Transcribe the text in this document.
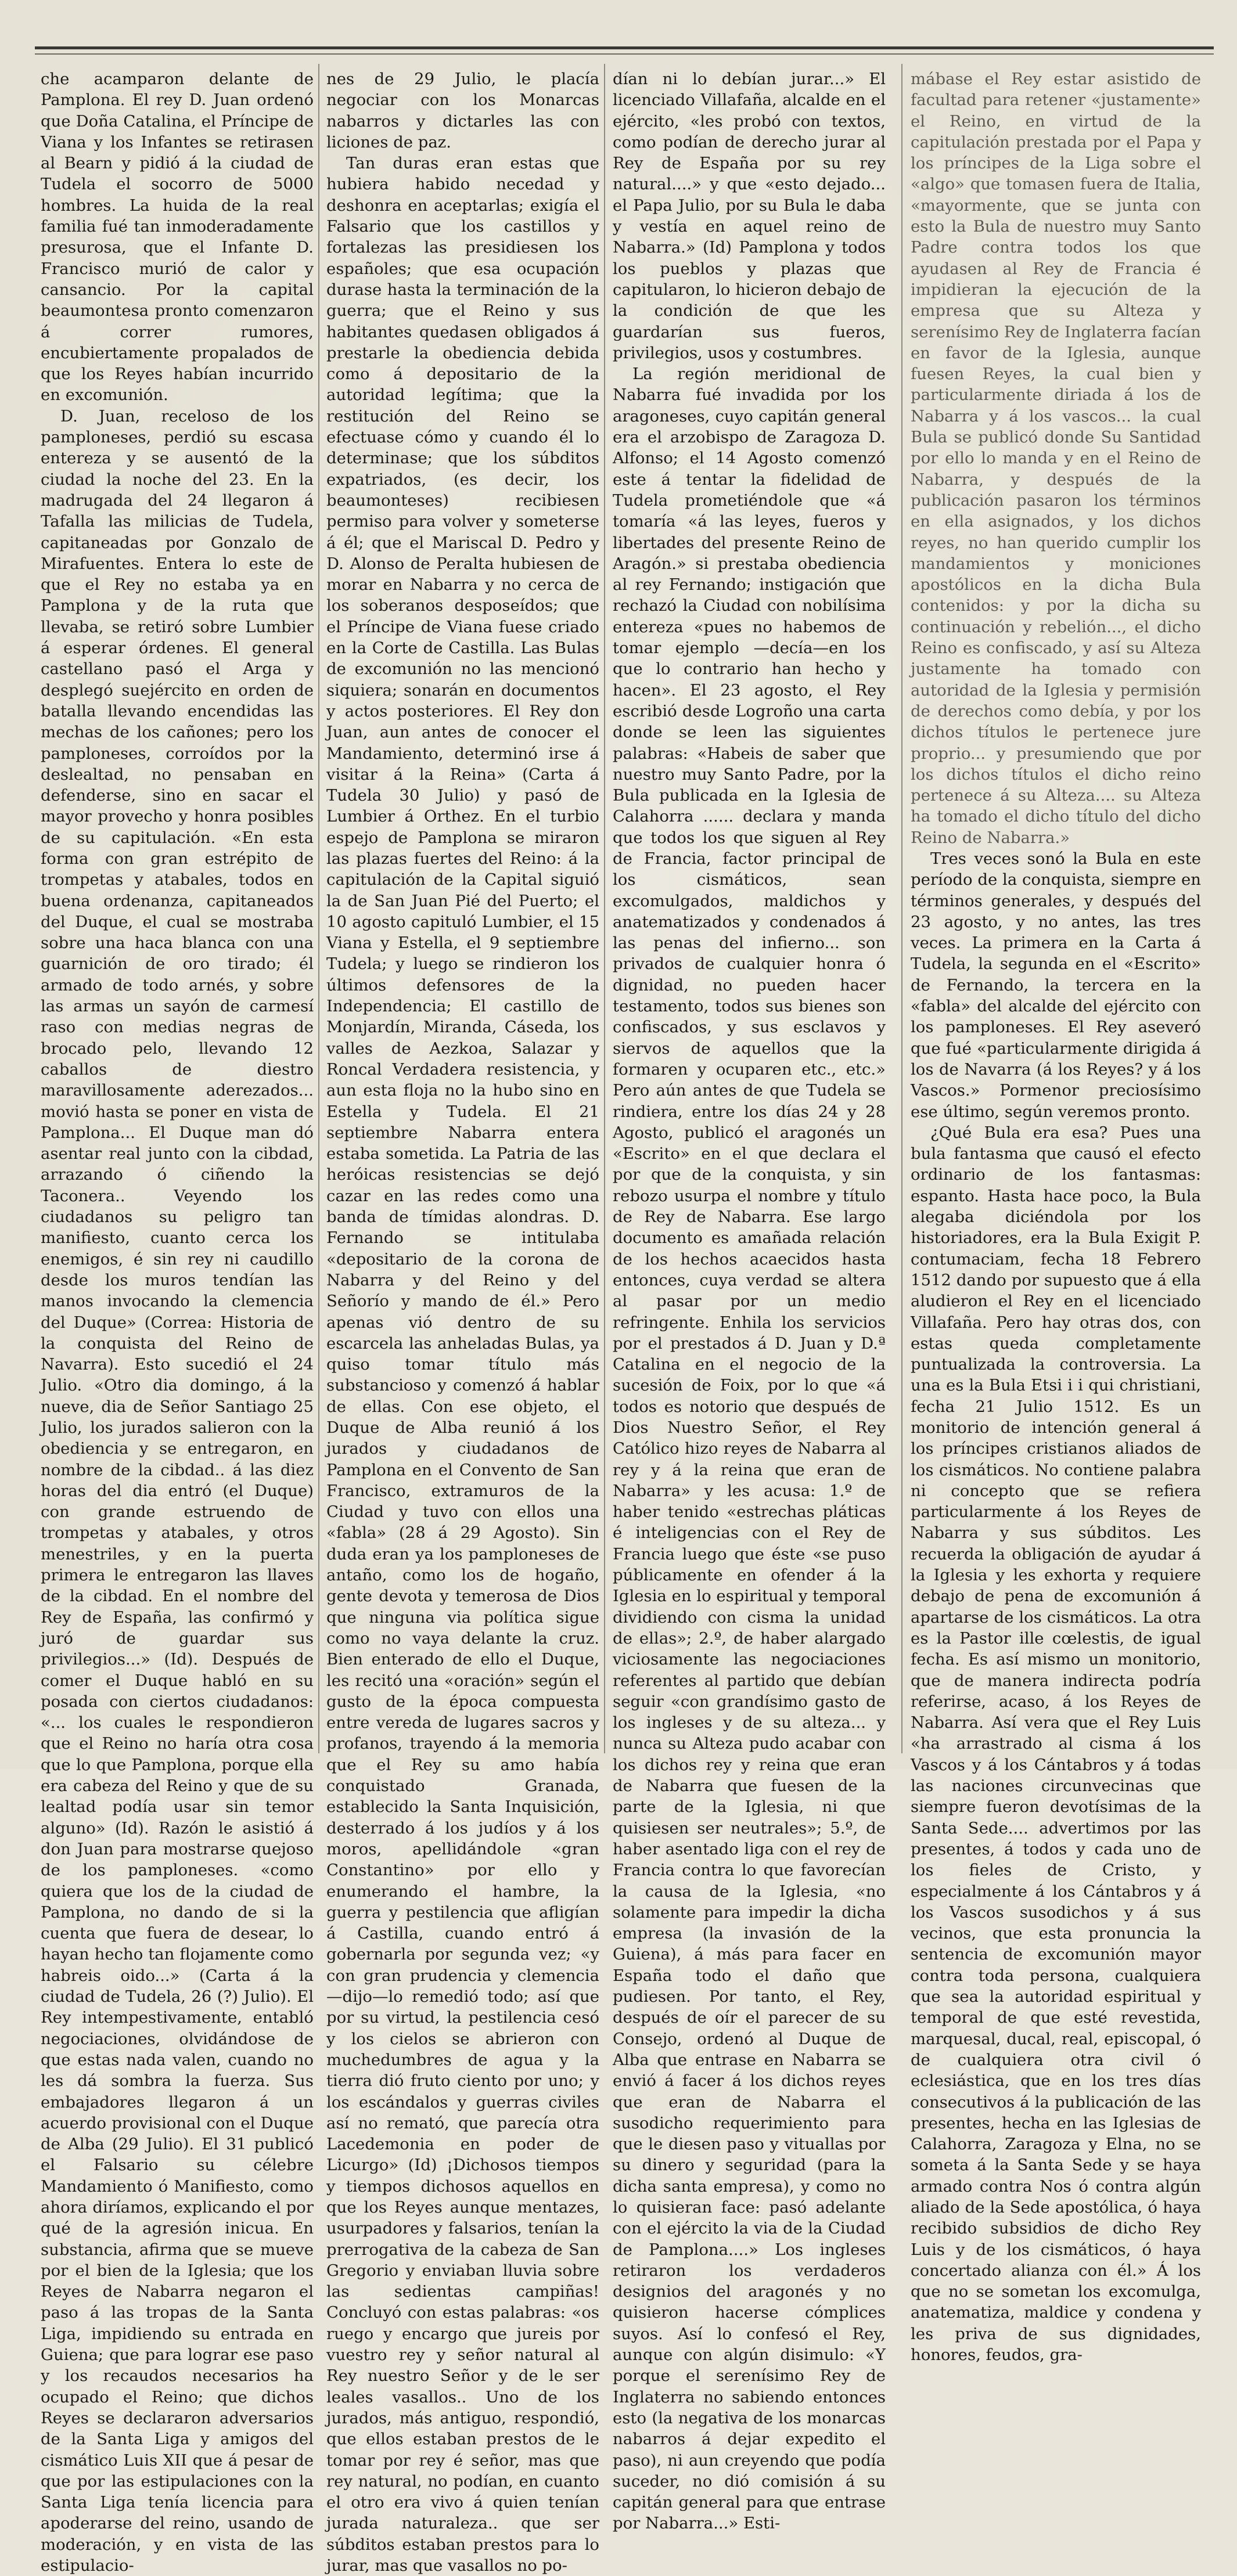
che acamparon delante de Pamplona. El rey D. Juan ordenó que Doña Catalina, el Príncipe de Viana y los Infantes se retirasen al Bearn y pidió á la ciudad de Tudela el socorro de 5000 hombres. La huida de la real familia fué tan inmoderadamente presurosa, que el Infante D. Francisco murió de calor y cansancio. Por la capital beaumontesa pronto comenzaron á correr rumores, encubiertamente propalados de que los Reyes habían incurrido en excomunión.

D. Juan, receloso de los pamploneses, perdió su escasa entereza y se ausentó de la ciudad la noche del 23. En la madrugada del 24 llegaron á Tafalla las milicias de Tudela, capitaneadas por Gonzalo de Mirafuentes. Entera lo este de que el Rey no estaba ya en Pamplona y de la ruta que llevaba, se retiró sobre Lumbier á esperar órdenes. El general castellano pasó el Arga y desplegó suejército en orden de batalla llevando encendidas las mechas de los cañones; pero los pamploneses, corroídos por la deslealtad, no pensaban en defenderse, sino en sacar el mayor provecho y honra posibles de su capitulación. «En esta forma con gran estrépito de trompetas y atabales, todos en buena ordenanza, capitaneados del Duque, el cual se mostraba sobre una haca blanca con una guarnición de oro tirado; él armado de todo arnés, y sobre las armas un sayón de carmesí raso con medias negras de brocado pelo, llevando 12 caballos de diestro maravillosamente aderezados... movió hasta se poner en vista de Pamplona... El Duque man dó asentar real junto con la cibdad, arrazando ó ciñendo la Taconera.. Veyendo los ciudadanos su peligro tan manifiesto, cuanto cerca los enemigos, é sin rey ni caudillo desde los muros tendían las manos invocando la clemencia del Duque» (Correa: Historia de la conquista del Reino de Navarra). Esto sucedió el 24 Julio. «Otro dia domingo, á la nueve, dia de Señor Santiago 25 Julio, los jurados salieron con la obediencia y se entregaron, en nombre de la cibdad.. á las diez horas del dia entró (el Duque) con grande estruendo de trompetas y atabales, y otros menestriles, y en la puerta primera le entregaron las llaves de la cibdad. En el nombre del Rey de España, las confirmó y juró de guardar sus privilegios...» (Id). Después de comer el Duque habló en su posada con ciertos ciudadanos: «... los cuales le respondieron que el Reino no haría otra cosa que lo que Pamplona, porque ella era cabeza del Reino y que de su lealtad podía usar sin temor alguno» (Id). Razón le asistió á don Juan para mostrarse quejoso de los pamploneses. «como quiera que los de la ciudad de Pamplona, no dando de si la cuenta que fuera de desear, lo hayan hecho tan flojamente como habreis oido...» (Carta á la ciudad de Tudela, 26 (?) Julio). El Rey intempestivamente, entabló negociaciones, olvidándose de que estas nada valen, cuando no les dá sombra la fuerza. Sus embajadores llegaron á un acuerdo provisional con el Duque de Alba (29 Julio). El 31 publicó el Falsario su célebre Mandamiento ó Manifiesto, como ahora diríamos, explicando el por qué de la agresión inicua. En substancia, afirma que se mueve por el bien de la Iglesia; que los Reyes de Nabarra negaron el paso á las tropas de la Santa Liga, impidiendo su entrada en Guiena; que para lograr ese paso y los recaudos necesarios ha ocupado el Reino; que dichos Reyes se declararon adversarios de la Santa Liga y amigos del cismático Luis XII que á pesar de que por las estipulaciones con la Santa Liga tenía licencia para apoderarse del reino, usando de moderación, y en vista de las estipulacio-

nes de 29 Julio, le placía negociar con los Monarcas nabarros y dictarles las con liciones de paz.

Tan duras eran estas que hubiera habido necedad y deshonra en aceptarlas; exigía el Falsario que los castillos y fortalezas las presidiesen los españoles; que esa ocupación durase hasta la terminación de la guerra; que el Reino y sus habitantes quedasen obligados á prestarle la obediencia debida como á depositario de la autoridad legítima; que la restitución del Reino se efectuase cómo y cuando él lo determinase; que los súbditos expatriados, (es decir, los beaumonteses) recibiesen permiso para volver y someterse á él; que el Mariscal D. Pedro y D. Alonso de Peralta hubiesen de morar en Nabarra y no cerca de los soberanos desposeídos; que el Príncipe de Viana fuese criado en la Corte de Castilla. Las Bulas de excomunión no las mencionó siquiera; sonarán en documentos y actos posteriores. El Rey don Juan, aun antes de conocer el Mandamiento, determinó irse á visitar á la Reina» (Carta á Tudela 30 Julio) y pasó de Lumbier á Orthez. En el turbio espejo de Pamplona se miraron las plazas fuertes del Reino: á la capitulación de la Capital siguió la de San Juan Pié del Puerto; el 10 agosto capituló Lumbier, el 15 Viana y Estella, el 9 septiembre Tudela; y luego se rindieron los últimos defensores de la Independencia; El castillo de Monjardín, Miranda, Cáseda, los valles de Aezkoa, Salazar y Roncal Verdadera resistencia, y aun esta floja no la hubo sino en Estella y Tudela. El 21 septiembre Nabarra entera estaba sometida. La Patria de las heróicas resistencias se dejó cazar en las redes como una banda de tímidas alondras. D. Fernando se intitulaba «depositario de la corona de Nabarra y del Reino y del Señorío y mando de él.» Pero apenas vió dentro de su escarcela las anheladas Bulas, ya quiso tomar título más substancioso y comenzó á hablar de ellas. Con ese objeto, el Duque de Alba reunió á los jurados y ciudadanos de Pamplona en el Convento de San Francisco, extramuros de la Ciudad y tuvo con ellos una «fabla» (28 á 29 Agosto). Sin duda eran ya los pamploneses de antaño, como los de hogaño, gente devota y temerosa de Dios que ninguna via política sigue como no vaya delante la cruz. Bien enterado de ello el Duque, les recitó una «oración» según el gusto de la época compuesta entre vereda de lugares sacros y profanos, trayendo á la memoria que el Rey su amo había conquistado Granada, establecido la Santa Inquisición, desterrado á los judíos y á los moros, apellidándole «gran Constantino» por ello y enumerando el hambre, la guerra y pestilencia que afligían á Castilla, cuando entró á gobernarla por segunda vez; «y con gran prudencia y clemencia—dijo—lo remedió todo; así que por su virtud, la pestilencia cesó y los cielos se abrieron con muchedumbres de agua y la tierra dió fruto ciento por uno; y los escándalos y guerras civiles así no remató, que parecía otra Lacedemonia en poder de Licurgo» (Id) ¡Dichosos tiempos y tiempos dichosos aquellos en que los Reyes aunque mentazes, usurpadores y falsarios, tenían la prerrogativa de la cabeza de San Gregorio y enviaban lluvia sobre las sedientas campiñas! Concluyó con estas palabras: «os ruego y encargo que jureis por vuestro rey y señor natural al Rey nuestro Señor y de le ser leales vasallos.. Uno de los jurados, más antiguo, respondió, que ellos estaban prestos de le tomar por rey é señor, mas que rey natural, no podían, en cuanto el otro era vivo á quien tenían jurada naturaleza.. que ser súbditos estaban prestos para lo jurar, mas que vasallos no po-

dían ni lo debían jurar...» El licenciado Villafaña, alcalde en el ejército, «les probó con textos, como podían de derecho jurar al Rey de España por su rey natural....» y que «esto dejado... el Papa Julio, por su Bula le daba y vestía en aquel reino de Nabarra.» (Id) Pamplona y todos los pueblos y plazas que capitularon, lo hicieron debajo de la condición de que les guardarían sus fueros, privilegios, usos y costumbres.

La región meridional de Nabarra fué invadida por los aragoneses, cuyo capitán general era el arzobispo de Zaragoza D. Alfonso; el 14 Agosto comenzó este á tentar la fidelidad de Tudela prometiéndole que «á tomaría «á las leyes, fueros y libertades del presente Reino de Aragón.» si prestaba obediencia al rey Fernando; instigación que rechazó la Ciudad con nobilísima entereza «pues no habemos de tomar ejemplo —decía—en los que lo contrario han hecho y hacen». El 23 agosto, el Rey escribió desde Logroño una carta donde se leen las siguientes palabras: «Habeis de saber que nuestro muy Santo Padre, por la Bula publicada en la Iglesia de Calahorra ...... declara y manda que todos los que siguen al Rey de Francia, factor principal de los cismáticos, sean excomulgados, maldichos y anatematizados y condenados á las penas del infierno... son privados de cualquier honra ó dignidad, no pueden hacer testamento, todos sus bienes son confiscados, y sus esclavos y siervos de aquellos que la formaren y ocuparen etc., etc.» Pero aún antes de que Tudela se rindiera, entre los días 24 y 28 Agosto, publicó el aragonés un «Escrito» en el que declara el por que de la conquista, y sin rebozo usurpa el nombre y título de Rey de Nabarra. Ese largo documento es amañada relación de los hechos acaecidos hasta entonces, cuya verdad se altera al pasar por un medio refringente. Enhila los servicios por el prestados á D. Juan y D.ª Catalina en el negocio de la sucesión de Foix, por lo que «á todos es notorio que después de Dios Nuestro Señor, el Rey Católico hizo reyes de Nabarra al rey y á la reina que eran de Nabarra» y les acusa: 1.º de haber tenido «estrechas pláticas é inteligencias con el Rey de Francia luego que éste «se puso públicamente en ofender á la Iglesia en lo espiritual y temporal dividiendo con cisma la unidad de ellas»; 2.º, de haber alargado viciosamente las negociaciones referentes al partido que debían seguir «con grandísimo gasto de los ingleses y de su alteza... y nunca su Alteza pudo acabar con los dichos rey y reina que eran de Nabarra que fuesen de la parte de la Iglesia, ni que quisiesen ser neutrales»; 5.º, de haber asentado liga con el rey de Francia contra lo que favorecían la causa de la Iglesia, «no solamente para impedir la dicha empresa (la invasión de la Guiena), á más para facer en España todo el daño que pudiesen. Por tanto, el Rey, después de oír el parecer de su Consejo, ordenó al Duque de Alba que entrase en Nabarra se envió á facer á los dichos reyes que eran de Nabarra el susodicho requerimiento para que le diesen paso y vituallas por su dinero y seguridad (para la dicha santa empresa), y como no lo quisieran face: pasó adelante con el ejército la via de la Ciudad de Pamplona....» Los ingleses retiraron los verdaderos designios del aragonés y no quisieron hacerse cómplices suyos. Así lo confesó el Rey, aunque con algún disimulo: «Y porque el serenísimo Rey de Inglaterra no sabiendo entonces esto (la negativa de los monarcas nabarros á dejar expedito el paso), ni aun creyendo que podía suceder, no dió comisión á su capitán general para que entrase por Nabarra...» Esti-

mábase el Rey estar asistido de facultad para retener «justamente» el Reino, en virtud de la capitulación prestada por el Papa y los príncipes de la Liga sobre el «algo» que tomasen fuera de Italia, «mayormente, que se junta con esto la Bula de nuestro muy Santo Padre contra todos los que ayudasen al Rey de Francia é impidieran la ejecución de la empresa que su Alteza y serenísimo Rey de Inglaterra facían en favor de la Iglesia, aunque fuesen Reyes, la cual bien y particularmente diriada á los de Nabarra y á los vascos... la cual Bula se publicó donde Su Santidad por ello lo manda y en el Reino de Nabarra, y después de la publicación pasaron los términos en ella asignados, y los dichos reyes, no han querido cumplir los mandamientos y moniciones apostólicos en la dicha Bula contenidos: y por la dicha su continuación y rebelión..., el dicho Reino es confiscado, y así su Alteza justamente ha tomado con autoridad de la Iglesia y permisión de derechos como debía, y por los dichos títulos le pertenece jure proprio... y presumiendo que por los dichos títulos el dicho reino pertenece á su Alteza.... su Alteza ha tomado el dicho título del dicho Reino de Nabarra.»

Tres veces sonó la Bula en este período de la conquista, siempre en términos generales, y después del 23 agosto, y no antes, las tres veces. La primera en la Carta á Tudela, la segunda en el «Escrito» de Fernando, la tercera en la «fabla» del alcalde del ejército con los pamploneses. El Rey aseveró que fué «particularmente dirigida á los de Navarra (á los Reyes? y á los Vascos.» Pormenor preciosísimo ese último, según veremos pronto.

¿Qué Bula era esa? Pues una bula fantasma que causó el efecto ordinario de los fantasmas: espanto. Hasta hace poco, la Bula alegaba diciéndola por los historiadores, era la Bula Exigit P. contumaciam, fecha 18 Febrero 1512 dando por supuesto que á ella aludieron el Rey en el licenciado Villafaña. Pero hay otras dos, con estas queda completamente puntualizada la controversia. La una es la Bula Etsi i i qui christiani, fecha 21 Julio 1512. Es un monitorio de intención general á los príncipes cristianos aliados de los cismáticos. No contiene palabra ni concepto que se refiera particularmente á los Reyes de Nabarra y sus súbditos. Les recuerda la obligación de ayudar á la Iglesia y les exhorta y requiere debajo de pena de excomunión á apartarse de los cismáticos. La otra es la Pastor ille cœlestis, de igual fecha. Es así mismo un monitorio, que de manera indirecta podría referirse, acaso, á los Reyes de Nabarra. Así vera que el Rey Luis «ha arrastrado al cisma á los Vascos y á los Cántabros y á todas las naciones circunvecinas que siempre fueron devotísimas de la Santa Sede.... advertimos por las presentes, á todos y cada uno de los fieles de Cristo, y especialmente á los Cántabros y á los Vascos susodichos y á sus vecinos, que esta pronuncia la sentencia de excomunión mayor contra toda persona, cualquiera que sea la autoridad espiritual y temporal de que esté revestida, marquesal, ducal, real, episcopal, ó de cualquiera otra civil ó eclesiástica, que en los tres días consecutivos á la publicación de las presentes, hecha en las Iglesias de Calahorra, Zaragoza y Elna, no se someta á la Santa Sede y se haya armado contra Nos ó contra algún aliado de la Sede apostólica, ó haya recibido subsidios de dicho Rey Luis y de los cismáticos, ó haya concertado alianza con él.» Á los que no se sometan los excomulga, anatematiza, maldice y condena y les priva de sus dignidades, honores, feudos, gra-
